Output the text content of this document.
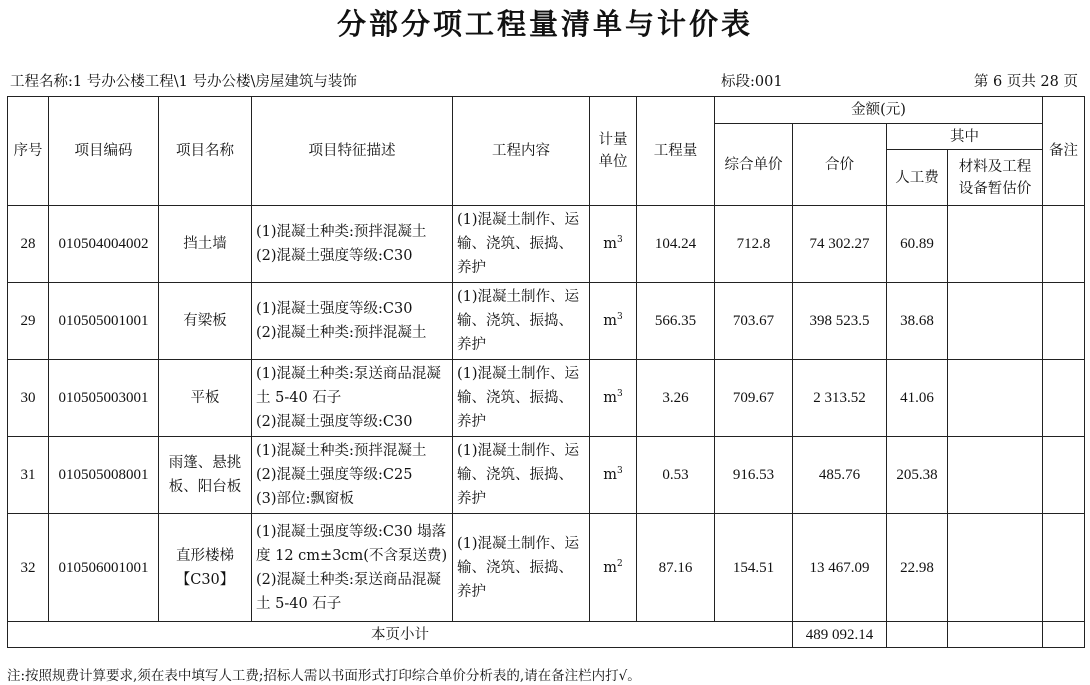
分部分项工程量清单与计价表
工程名称:1 号办公楼工程\1 号办公楼\房屋建筑与装饰	标段:001	第 6 页共 28 页
序号	项目编码	项目名称	项目特征描述	工程内容	计量单位	工程量	金额(元)				备注
							综合单价	合价	其中		
									人工费	材料及工程设备暂估价	
28	010504004002	挡土墙	(1)混凝土种类:预拌混凝土
(2)混凝土强度等级:C30	(1)混凝土制作、运输、浇筑、振捣、养护	$m^3$	104.24	712.8	74 302.27	60.89		
29	010505001001	有梁板	(1)混凝土强度等级:C30
(2)混凝土种类:预拌混凝土	(1)混凝土制作、运输、浇筑、振捣、养护	$m^3$	566.35	703.67	398 523.5	38.68		
30	010505003001	平板	(1)混凝土种类:泵送商品混凝土 5-40 石子
(2)混凝土强度等级:C30	(1)混凝土制作、运输、浇筑、振捣、养护	$m^3$	3.26	709.67	2 313.52	41.06		
31	010505008001	雨篷、悬挑板、阳台板	(1)混凝土种类:预拌混凝土
(2)混凝土强度等级:C25
(3)部位:飘窗板	(1)混凝土制作、运输、浇筑、振捣、养护	$m^3$	0.53	916.53	485.76	205.38		
32	010506001001	直形楼梯【C30】	(1)混凝土强度等级:C30 塌落度 12 cm±3cm(不含泵送费)
(2)混凝土种类:泵送商品混凝土 5-40 石子	(1)混凝土制作、运输、浇筑、振捣、养护	$m^2$	87.16	154.51	13 467.09	22.98		
本页小计								489 092.14			
注:按照规费计算要求,须在表中填写人工费;招标人需以书面形式打印综合单价分析表的,请在备注栏内打√。
